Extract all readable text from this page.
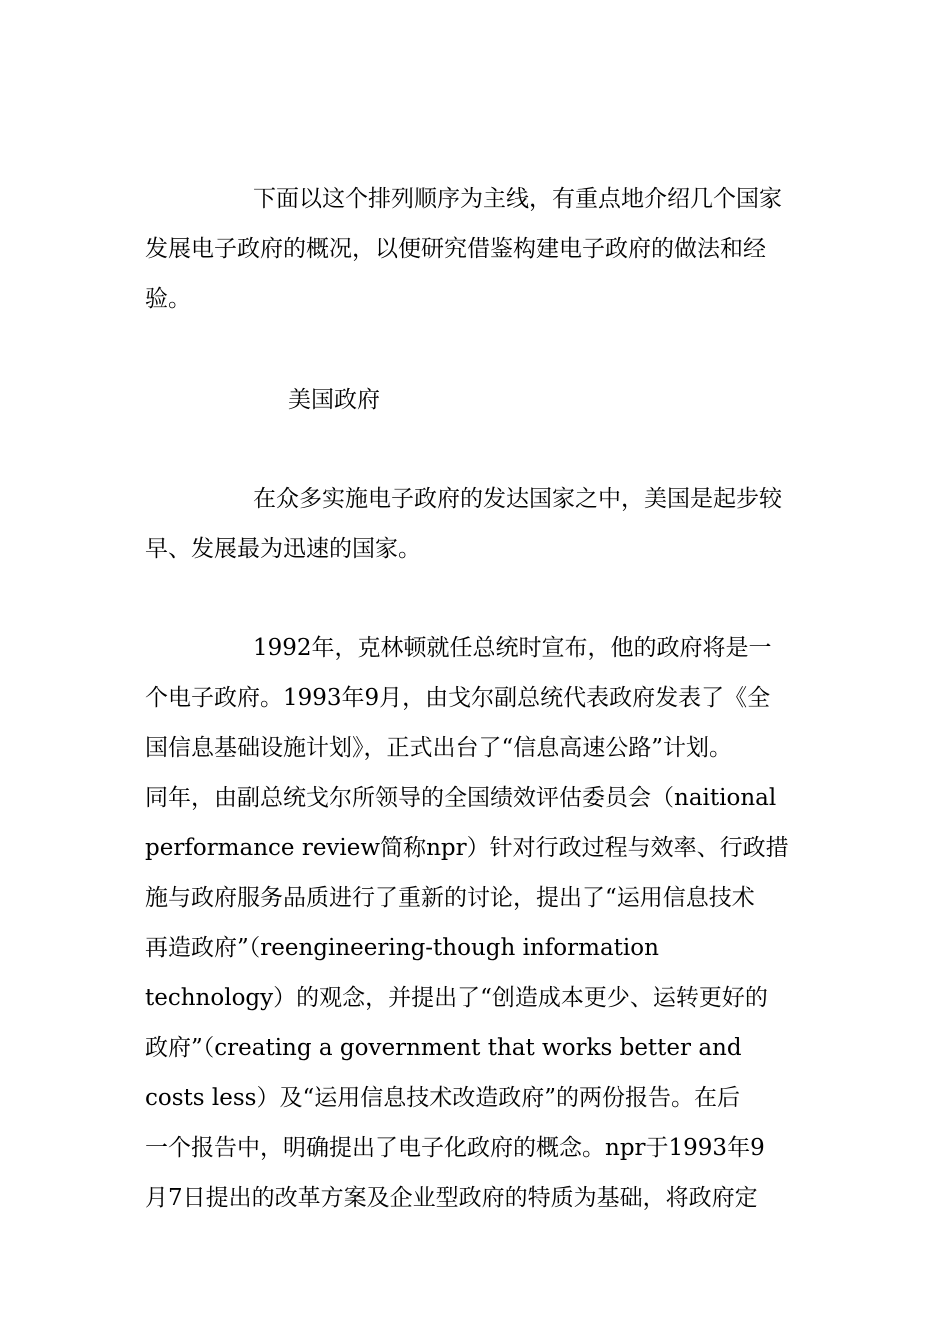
下面以这个排列顺序为主线，有重点地介绍几个国家
发展电子政府的概况，以便研究借鉴构建电子政府的做法和经
验。
美国政府
在众多实施电子政府的发达国家之中，美国是起步较
早、发展最为迅速的国家。
1992年，克林顿就任总统时宣布，他的政府将是一
个电子政府。1993年9月，由戈尔副总统代表政府发表了《全
国信息基础设施计划》，正式出台了“信息高速公路”计划。
同年，由副总统戈尔所领导的全国绩效评估委员会（naitional
performance review简称npr）针对行政过程与效率、行政措
施与政府服务品质进行了重新的讨论，提出了“运用信息技术
再造政府”（reengineering-though information
technology）的观念，并提出了“创造成本更少、运转更好的
政府”（creating a government that works better and
costs less）及“运用信息技术改造政府”的两份报告。在后
一个报告中，明确提出了电子化政府的概念。npr于1993年9
月7日提出的改革方案及企业型政府的特质为基础，将政府定
